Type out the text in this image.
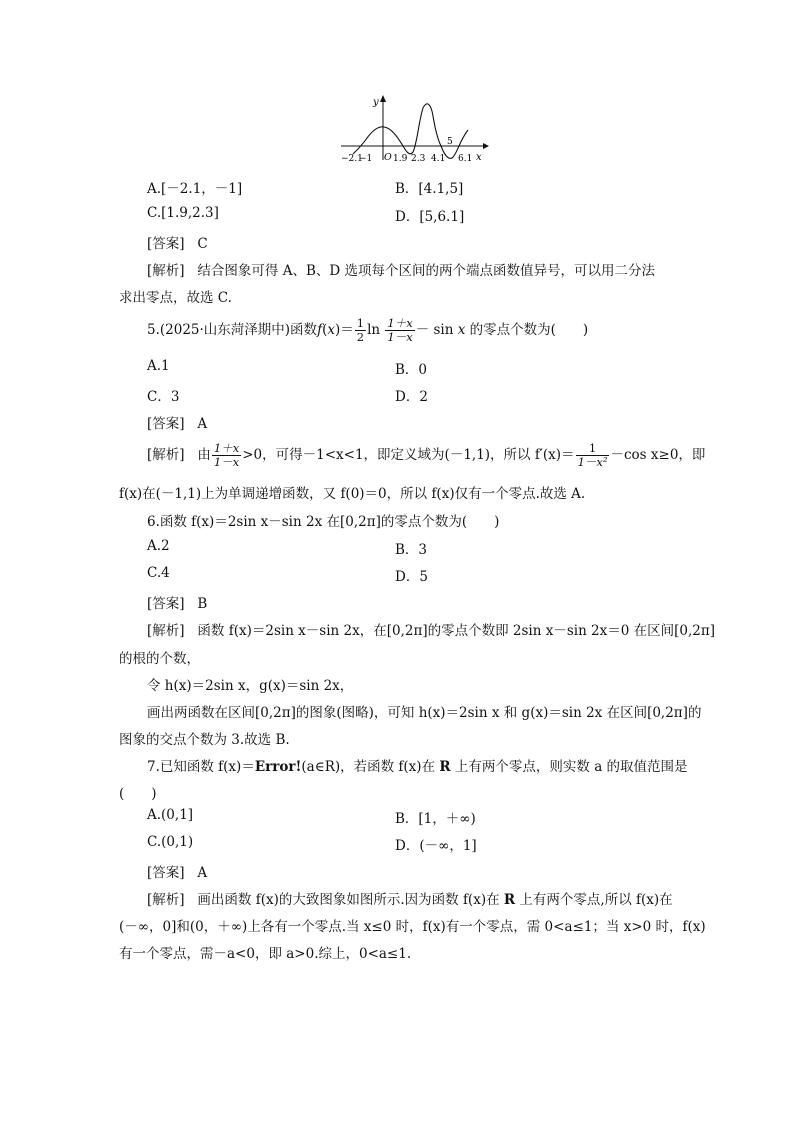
y
x
O
−2.1
−1 1.9 2.3 4.1
5
6.1
A.[－2.1，－1]	B．[4.1,5]
C.[1.9,2.3]	D．[5,6.1]
[答案] C
[解析] 结合图象可得 A、B、D 选项每个区间的两个端点函数值异号，可以用二分法
求出零点，故选 C.
5.(2025·山东菏泽期中)函数$f(x)= \frac{1}{2}$ $\ln \frac{1+x}{1-x} - \sin x$ 的零点个数为(　　)
A.1	B．0
C．3	D．2
[答案] A
[解析] 由 $\frac{1+x}{1-x} >0$，可得－1<x<1，即定义域为(－1,1)，所以 $f'(x)= \frac{1}{\text{1－x²}} -\cos$ x≥0，即
f(x)在(－1,1)上为单调递增函数，又 f(0)＝0，所以 f(x)仅有一个零点.故选 A.
6.函数 f(x)＝2sin x－sin 2x 在[0,2π]的零点个数为(　　)
A.2	B．3
C.4	D．5
[答案] B
[解析] 函数 f(x)＝2sin x－sin 2x，在[0,2π]的零点个数即 2sin x－sin 2x＝0 在区间[0,2π]
的根的个数，
令 h(x)＝2sin x，g(x)＝sin 2x，
画出两函数在区间[0,2π]的图象(图略)，可知 h(x)＝2sin x 和 g(x)＝sin 2x 在区间[0,2π]的
图象的交点个数为 3.故选 B.
7.已知函数 f(x)＝Error!(a∈R)，若函数 f(x)在 R 上有两个零点，则实数 a 的取值范围是
(　　)
A.(0,1]	B．[1，＋∞)
C.(0,1)	D．(－∞，1]
[答案] A
[解析] 画出函数 f(x)的大致图象如图所示.因为函数 f(x)在 R 上有两个零点,所以 f(x)在
(－∞，0]和(0，＋∞)上各有一个零点.当 x≤0 时，f(x)有一个零点，需 0<a≤1；当 x>0 时，f(x)
有一个零点，需－a<0，即 a>0.综上，0<a≤1.
